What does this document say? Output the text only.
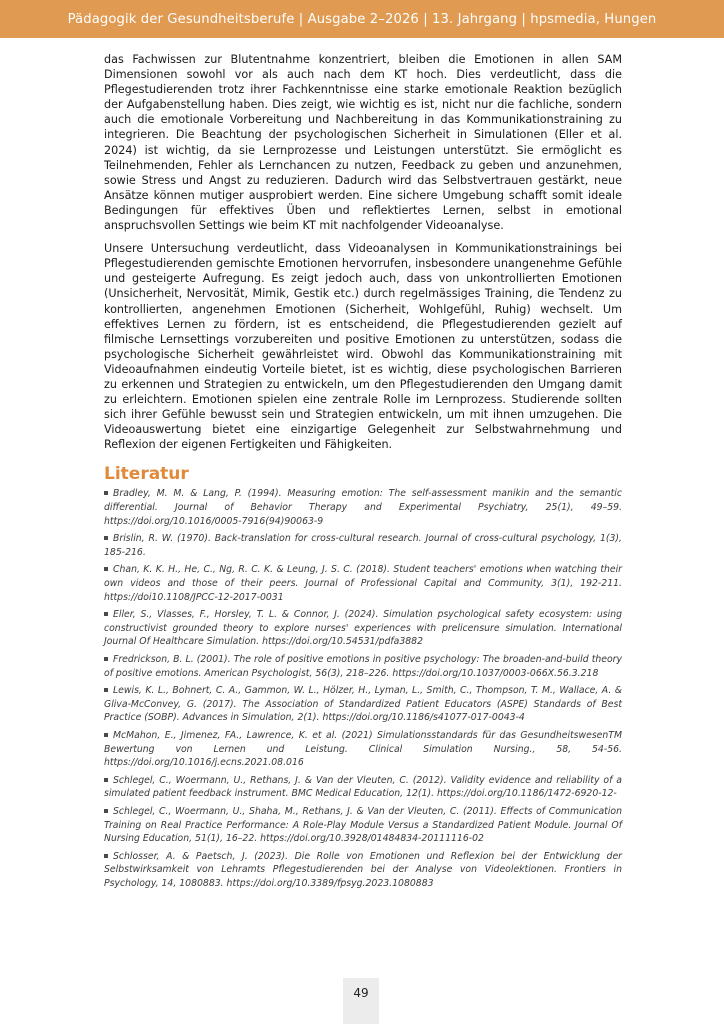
Pädagogik der Gesundheitsberufe | Ausgabe 2–2026 | 13. Jahrgang | hpsmedia, Hungen

das Fachwissen zur Blutentnahme konzentriert, bleiben die Emotionen in allen SAM Dimensionen sowohl vor als auch nach dem KT hoch. Dies verdeutlicht, dass die Pflegestudierenden trotz ihrer Fachkenntnisse eine starke emotionale Reaktion bezüglich der Aufgabenstellung haben. Dies zeigt, wie wichtig es ist, nicht nur die fachliche, sondern auch die emotionale Vorbereitung und Nachbereitung in das Kommunikationstraining zu integrieren. Die Beachtung der psychologischen Sicherheit in Simulationen (Eller et al. 2024) ist wichtig, da sie Lernprozesse und Leistungen unterstützt. Sie ermöglicht es Teilnehmenden, Fehler als Lernchancen zu nutzen, Feedback zu geben und anzunehmen, sowie Stress und Angst zu reduzieren. Dadurch wird das Selbstvertrauen gestärkt, neue Ansätze können mutiger ausprobiert werden. Eine sichere Umgebung schafft somit ideale Bedingungen für effektives Üben und reflektiertes Lernen, selbst in emotional anspruchsvollen Settings wie beim KT mit nachfolgender Videoanalyse.

Unsere Untersuchung verdeutlicht, dass Videoanalysen in Kommunikationstrainings bei Pflegestudierenden gemischte Emotionen hervorrufen, insbesondere unangenehme Gefühle und gesteigerte Aufregung. Es zeigt jedoch auch, dass von unkontrollierten Emotionen (Unsicherheit, Nervosität, Mimik, Gestik etc.) durch regelmässiges Training, die Tendenz zu kontrollierten, angenehmen Emotionen (Sicherheit, Wohlgefühl, Ruhig) wechselt. Um effektives Lernen zu fördern, ist es entscheidend, die Pflegestudierenden gezielt auf filmische Lernsettings vorzubereiten und positive Emotionen zu unterstützen, sodass die psychologische Sicherheit gewährleistet wird. Obwohl das Kommunikationstraining mit Videoaufnahmen eindeutig Vorteile bietet, ist es wichtig, diese psychologischen Barrieren zu erkennen und Strategien zu entwickeln, um den Pflegestudierenden den Umgang damit zu erleichtern. Emotionen spielen eine zentrale Rolle im Lernprozess. Studierende sollten sich ihrer Gefühle bewusst sein und Strategien entwickeln, um mit ihnen umzugehen. Die Videoauswertung bietet eine einzigartige Gelegenheit zur Selbstwahrnehmung und Reflexion der eigenen Fertigkeiten und Fähigkeiten.

Literatur
Bradley, M. M. & Lang, P. (1994). Measuring emotion: The self-assessment manikin and the semantic differential. Journal of Behavior Therapy and Experimental Psychiatry, 25(1), 49–59. https://doi.org/10.1016/0005-7916(94)90063-9
Brislin, R. W. (1970). Back-translation for cross-cultural research. Journal of cross-cultural psychology, 1(3), 185-216.
Chan, K. K. H., He, C., Ng, R. C. K. & Leung, J. S. C. (2018). Student teachers' emotions when watching their own videos and those of their peers. Journal of Professional Capital and Community, 3(1), 192-211. https://doi10.1108/JPCC-12-2017-0031
Eller, S., Vlasses, F., Horsley, T. L. & Connor, J. (2024). Simulation psychological safety ecosystem: using constructivist grounded theory to explore nurses' experiences with prelicensure simulation. International Journal Of Healthcare Simulation. https://doi.org/10.54531/pdfa3882
Fredrickson, B. L. (2001). The role of positive emotions in positive psychology: The broaden-and-build theory of positive emotions. American Psychologist, 56(3), 218–226. https://doi.org/10.1037/0003-066X.56.3.218
Lewis, K. L., Bohnert, C. A., Gammon, W. L., Hölzer, H., Lyman, L., Smith, C., Thompson, T. M., Wallace, A. & Gliva-McConvey, G. (2017). The Association of Standardized Patient Educators (ASPE) Standards of Best Practice (SOBP). Advances in Simulation, 2(1). https://doi.org/10.1186/s41077-017-0043-4
McMahon, E., Jimenez, FA., Lawrence, K. et al. (2021) Simulationsstandards für das GesundheitswesenTM Bewertung von Lernen und Leistung. Clinical Simulation Nursing., 58, 54-56. https://doi.org/10.1016/j.ecns.2021.08.016
Schlegel, C., Woermann, U., Rethans, J. & Van der Vleuten, C. (2012). Validity evidence and reliability of a simulated patient feedback instrument. BMC Medical Education, 12(1). https://doi.org/10.1186/1472-6920-12-
Schlegel, C., Woermann, U., Shaha, M., Rethans, J. & Van der Vleuten, C. (2011). Effects of Communication Training on Real Practice Performance: A Role-Play Module Versus a Standardized Patient Module. Journal Of Nursing Education, 51(1), 16–22. https://doi.org/10.3928/01484834-20111116-02
Schlosser, A. & Paetsch, J. (2023). Die Rolle von Emotionen und Reflexion bei der Entwicklung der Selbstwirksamkeit von Lehramts Pflegestudierenden bei der Analyse von Videolektionen. Frontiers in Psychology, 14, 1080883. https://doi.org/10.3389/fpsyg.2023.1080883
49
